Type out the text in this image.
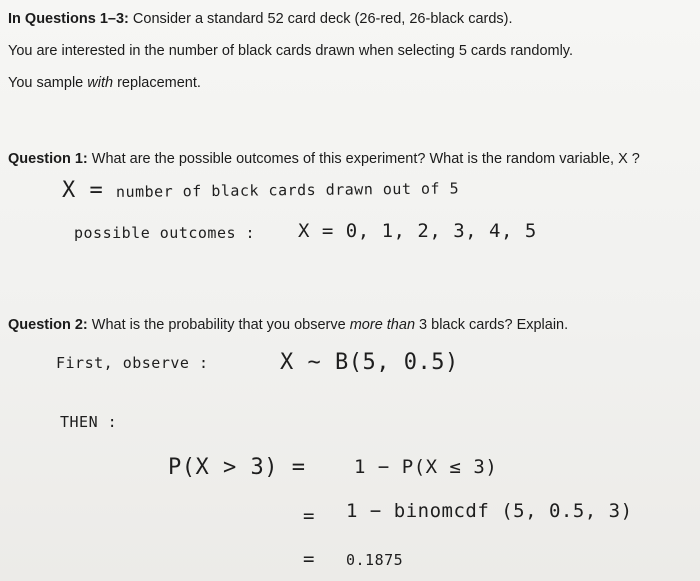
In Questions 1–3: Consider a standard 52 card deck (26-red, 26-black cards).
You are interested in the number of black cards drawn when selecting 5 cards randomly.
You sample with replacement.
Question 1: What are the possible outcomes of this experiment? What is the random variable, X ?
X = number of black cards drawn out of 5
possible outcomes : X = 0, 1, 2, 3, 4, 5
Question 2: What is the probability that you observe more than 3 black cards? Explain.
First, observe :	X ~ B(5, 0.5)
THEN :
P(X > 3) =	1 − P(X ≤ 3)
= 1 − binomcdf (5, 0.5, 3)
= 0.1875
